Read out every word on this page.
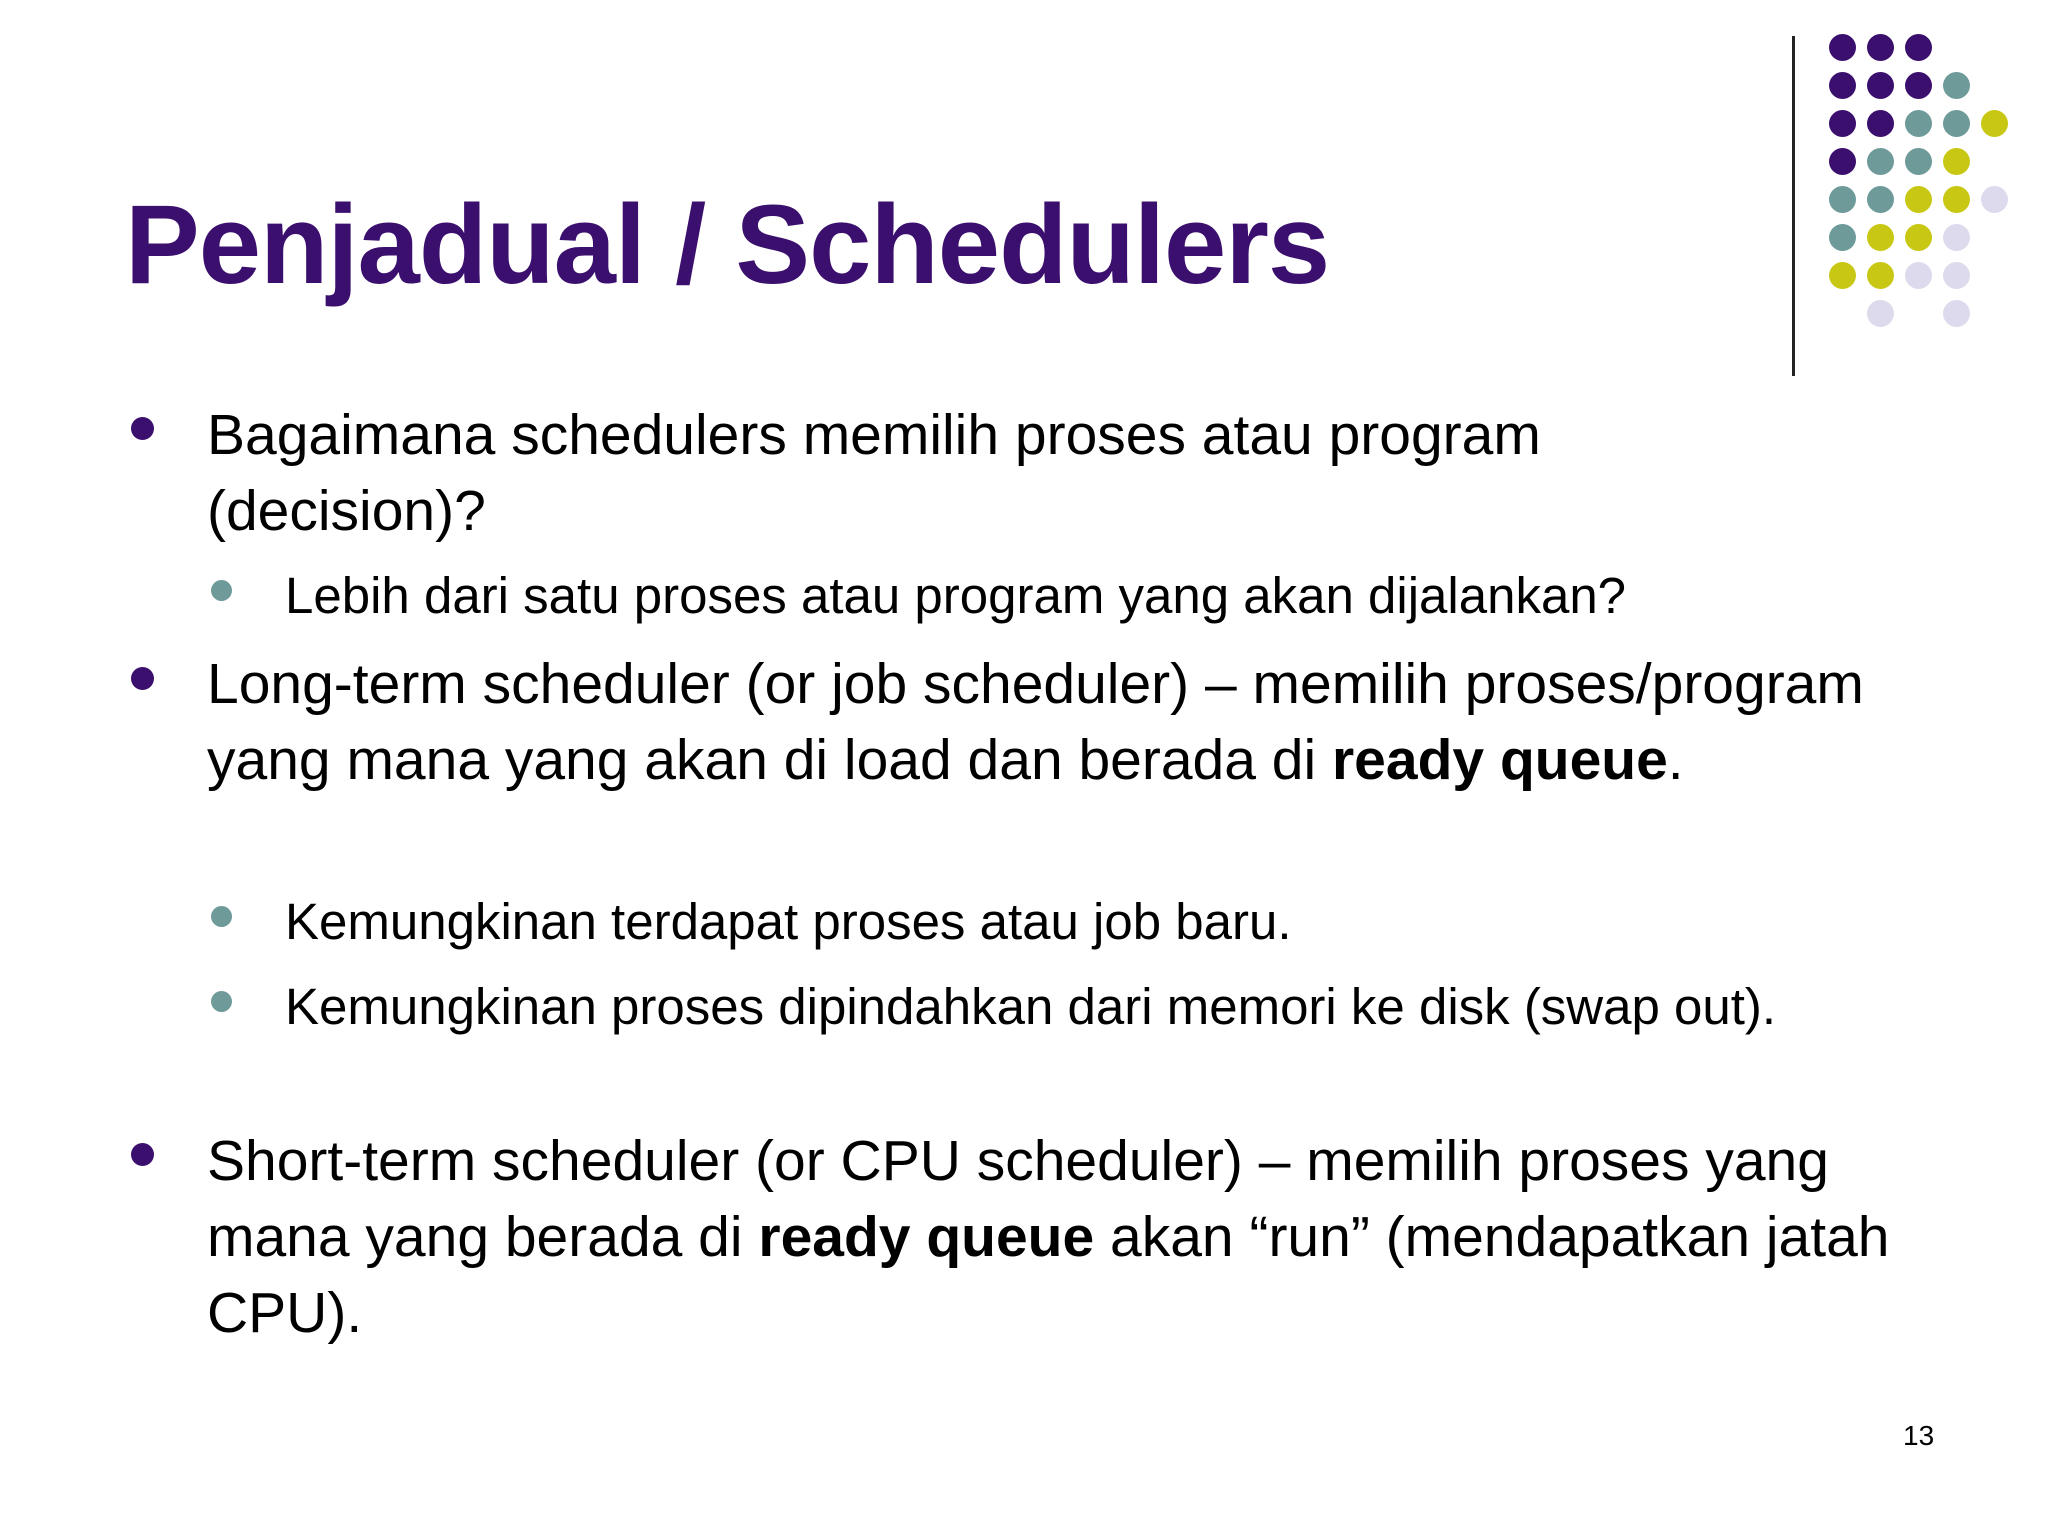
Penjadual / Schedulers
Bagaimana schedulers memilih proses atau program (decision)?
Lebih dari satu proses atau program yang akan dijalankan?
Long-term scheduler (or job scheduler) – memilih proses/program yang mana yang akan di load dan berada di ready queue.
Kemungkinan terdapat proses atau job baru.
Kemungkinan proses dipindahkan dari memori ke disk (swap out).
Short-term scheduler (or CPU scheduler) – memilih proses yang mana yang berada di ready queue akan “run” (mendapatkan jatah CPU).
13
